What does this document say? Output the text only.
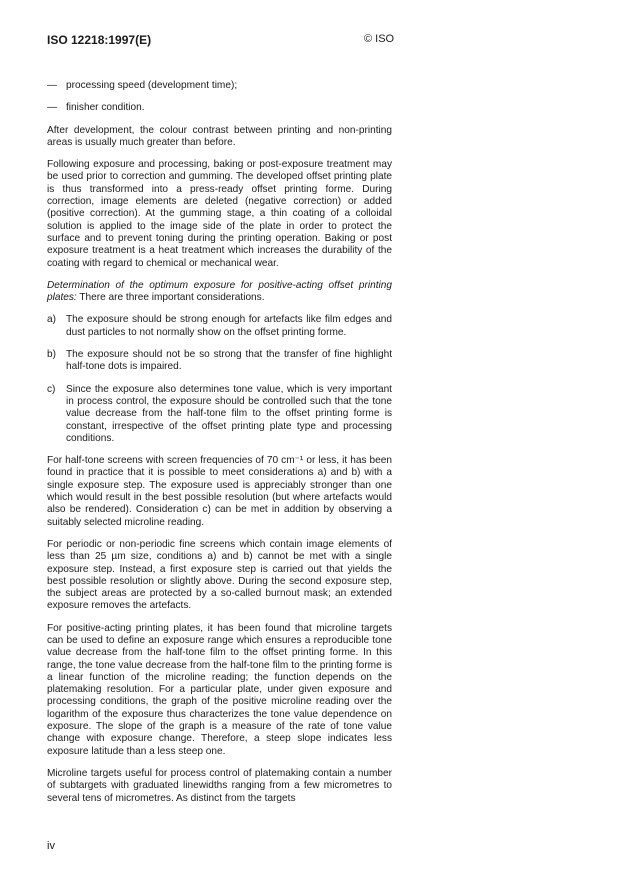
ISO 12218:1997(E)	© ISO
— processing speed (development time);
— finisher condition.

After development, the colour contrast between printing and non-printing areas is usually much greater than before.

Following exposure and processing, baking or post-exposure treatment may be used prior to correction and gumming. The developed offset printing plate is thus transformed into a press-ready offset printing forme. During correction, image elements are deleted (negative correction) or added (positive correction). At the gumming stage, a thin coating of a colloidal solution is applied to the image side of the plate in order to protect the surface and to prevent toning during the printing operation. Baking or post exposure treatment is a heat treatment which increases the durability of the coating with regard to chemical or mechanical wear.

Determination of the optimum exposure for positive-acting offset printing plates: There are three important considerations.

a) The exposure should be strong enough for artefacts like film edges and dust particles to not normally show on the offset printing forme.
b) The exposure should not be so strong that the transfer of fine highlight half-tone dots is impaired.
c)	Since the exposure also determines tone value, which is very important in process control, the exposure should be controlled such that the tone value decrease from the half-tone film to the offset printing forme is constant, irrespective of the offset printing plate type and processing conditions.

For half-tone screens with screen frequencies of 70 cm⁻¹ or less, it has been found in practice that it is possible to meet considerations a) and b) with a single exposure step. The exposure used is appreciably stronger than one which would result in the best possible resolution (but where artefacts would also be rendered). Consideration c) can be met in addition by observing a suitably selected microline reading.

For periodic or non-periodic fine screens which contain image elements of less than 25 µm size, conditions a) and b) cannot be met with a single exposure step. Instead, a first exposure step is carried out that yields the best possible resolution or slightly above. During the second exposure step, the subject areas are protected by a so-called burnout mask; an extended exposure removes the artefacts.

For positive-acting printing plates, it has been found that microline targets can be used to define an exposure range which ensures a reproducible tone value decrease from the half-tone film to the offset printing forme. In this range, the tone value decrease from the half-tone film to the printing forme is a linear function of the microline reading; the function depends on the platemaking resolution. For a particular plate, under given exposure and processing conditions, the graph of the positive microline reading over the logarithm of the exposure thus characterizes the tone value dependence on exposure. The slope of the graph is a measure of the rate of tone value change with exposure change. Therefore, a steep slope indicates less exposure latitude than a less steep one.

Microline targets useful for process control of platemaking contain a number of subtargets with graduated linewidths ranging from a few micrometres to several tens of micrometres. As distinct from the targets

iv
